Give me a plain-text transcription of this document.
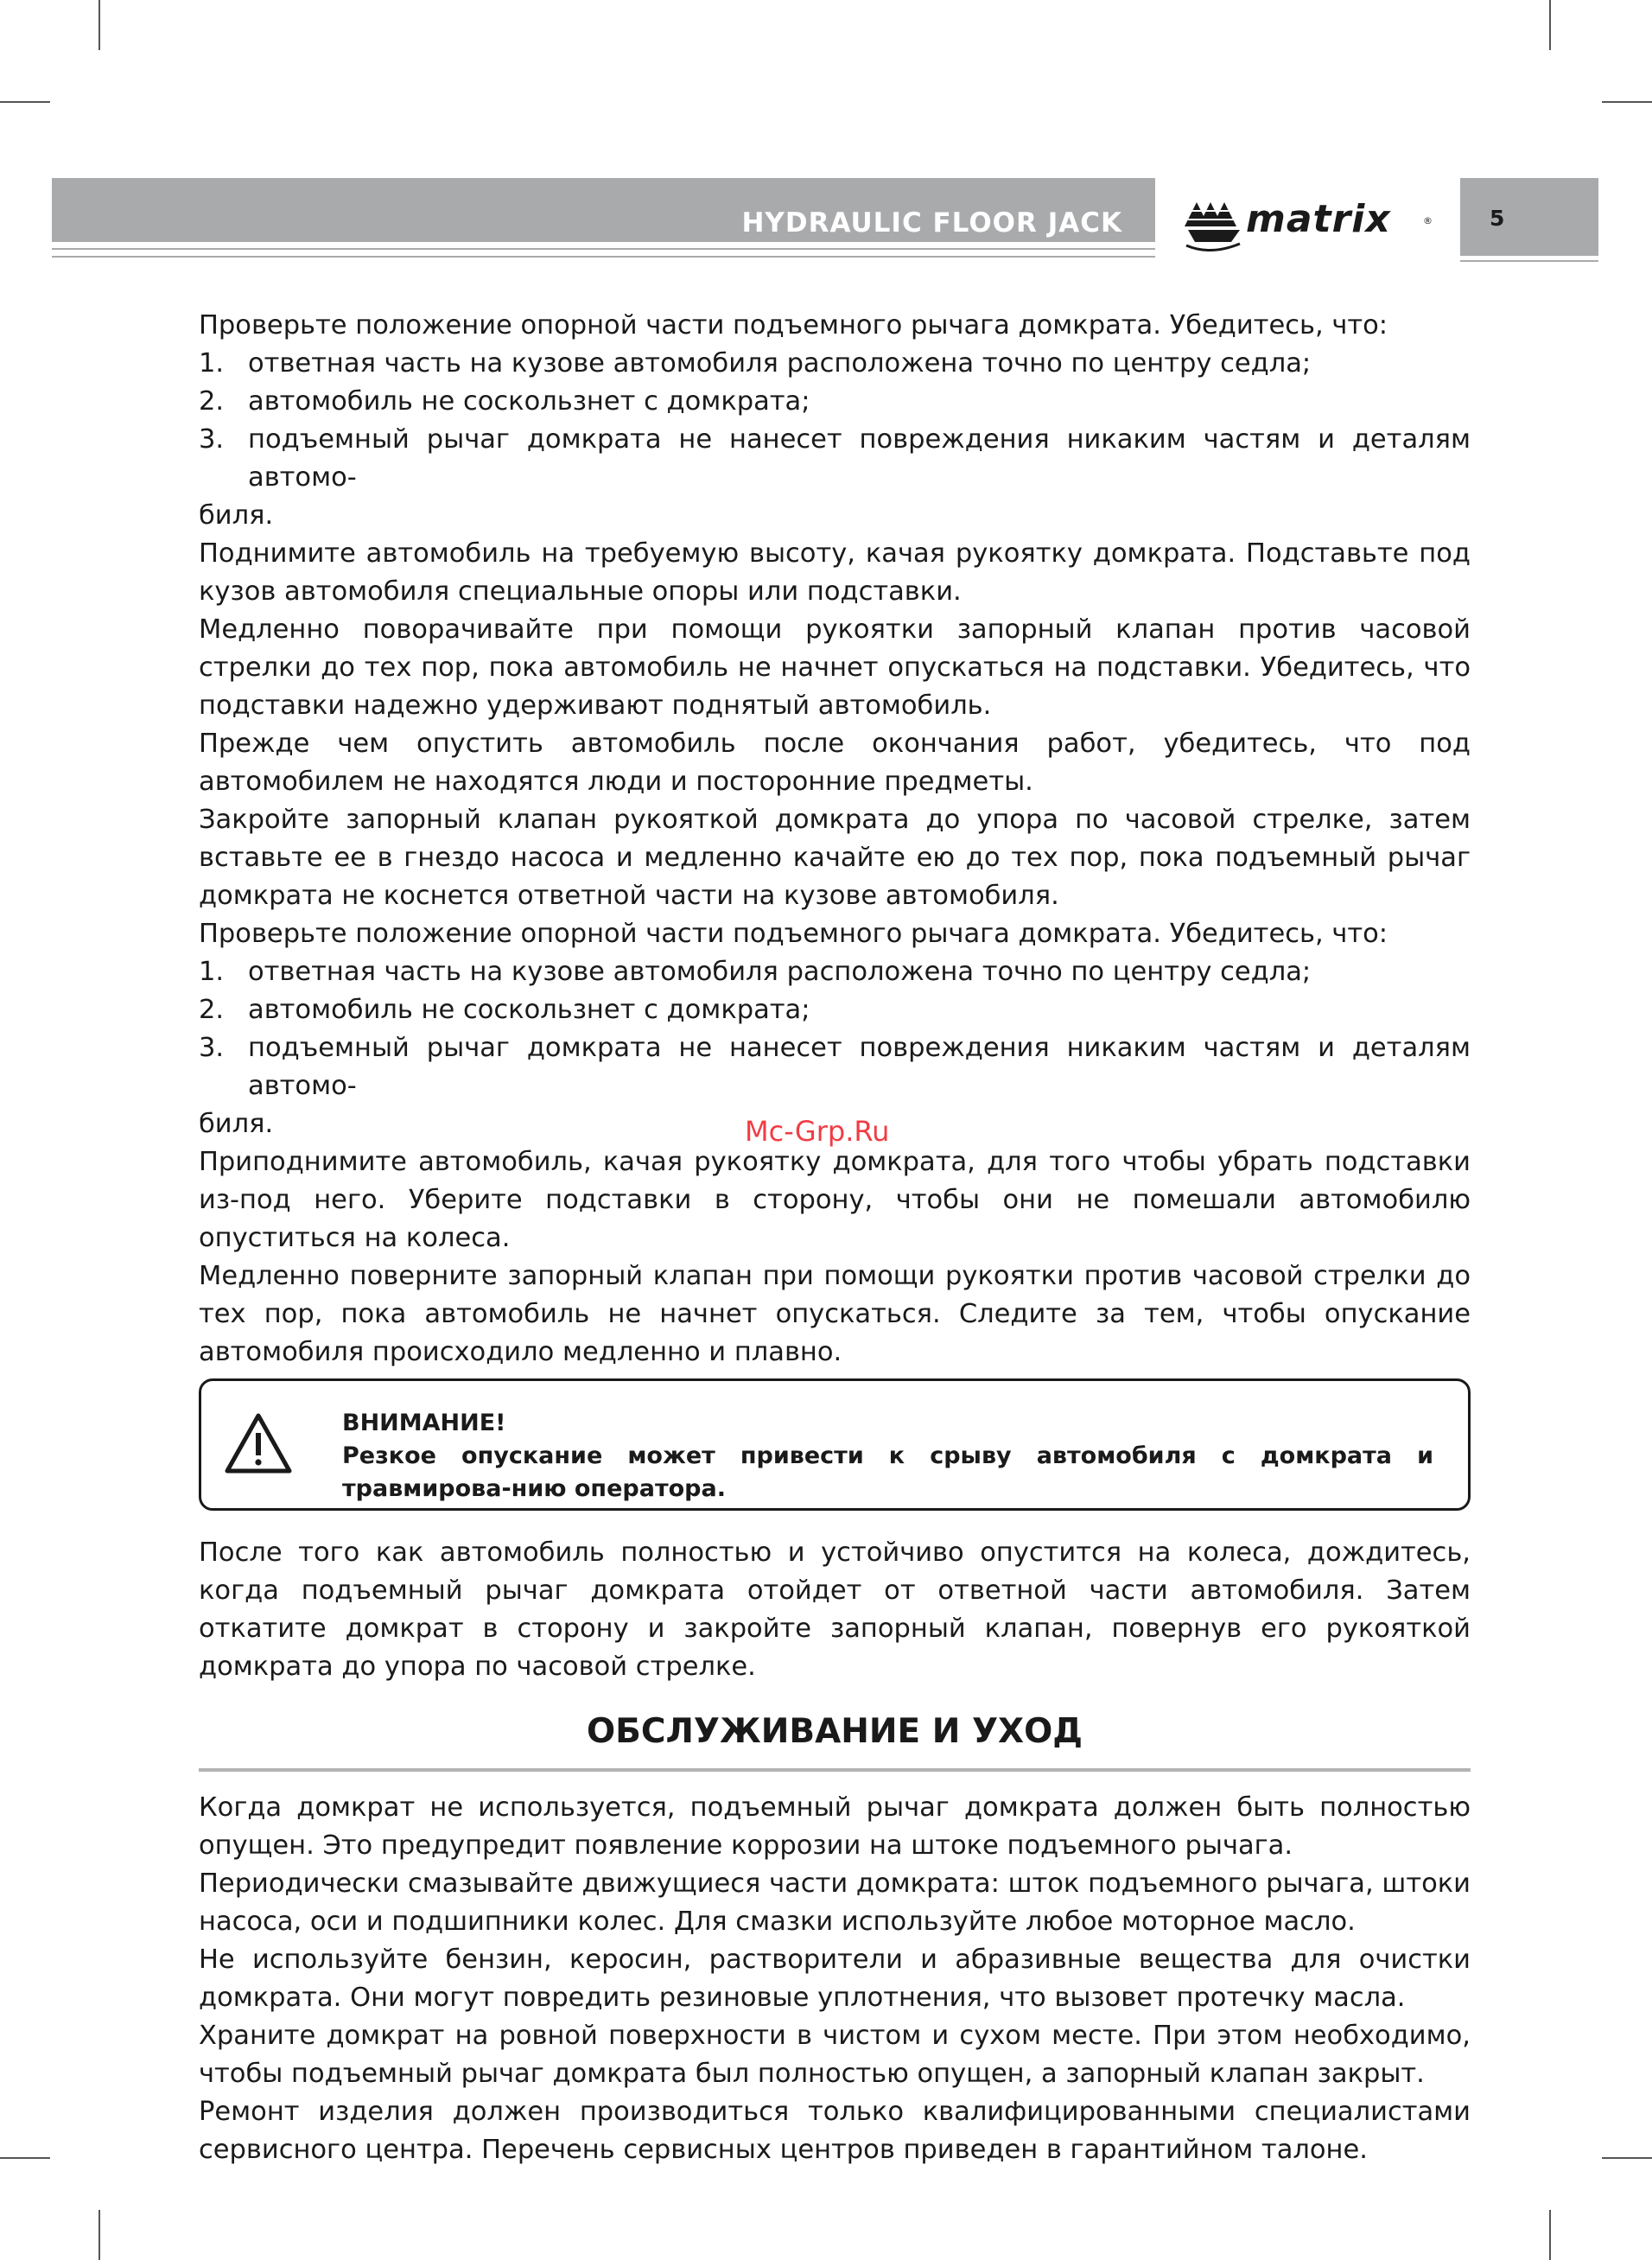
HYDRAULIC FLOOR JACK	matrix	®	5

Проверьте положение опорной части подъемного рычага домкрата. Убедитесь, что:

1. ответная часть на кузове автомобиля расположена точно по центру седла;
2. автомобиль не соскользнет с домкрата;
3. подъемный рычаг домкрата не нанесет повреждения никаким частям и деталям автомо-

биля.

Поднимите автомобиль на требуемую высоту, качая рукоятку домкрата. Подставьте под кузов автомобиля специальные опоры или подставки.

Медленно поворачивайте при помощи рукоятки запорный клапан против часовой стрелки до тех пор, пока автомобиль не начнет опускаться на подставки. Убедитесь, что подставки надежно удерживают поднятый автомобиль.

Прежде чем опустить автомобиль после окончания работ, убедитесь, что под автомобилем не находятся люди и посторонние предметы.

Закройте запорный клапан рукояткой домкрата до упора по часовой стрелке, затем вставьте ее в гнездо насоса и медленно качайте ею до тех пор, пока подъемный рычаг домкрата не коснется ответной части на кузове автомобиля.

Проверьте положение опорной части подъемного рычага домкрата. Убедитесь, что:

1. ответная часть на кузове автомобиля расположена точно по центру седла;
2. автомобиль не соскользнет с домкрата;
3. подъемный рычаг домкрата не нанесет повреждения никаким частям и деталям автомо-

биля.

Приподнимите автомобиль, качая рукоятку домкрата, для того чтобы убрать подставки из-под него. Уберите подставки в сторону, чтобы они не помешали автомобилю опуститься на колеса.

Медленно поверните запорный клапан при помощи рукоятки против часовой стрелки до тех пор, пока автомобиль не начнет опускаться. Следите за тем, чтобы опускание автомобиля происходило медленно и плавно.

ВНИМАНИЕ!
Резкое опускание может привести к срыву автомобиля с домкрата и травмирова-нию оператора.

После того как автомобиль полностью и устойчиво опустится на колеса, дождитесь, когда подъемный рычаг домкрата отойдет от ответной части автомобиля. Затем откатите домкрат в сторону и закройте запорный клапан, повернув его рукояткой домкрата до упора по часовой стрелке.

ОБСЛУЖИВАНИЕ И УХОД

Когда домкрат не используется, подъемный рычаг домкрата должен быть полностью опущен. Это предупредит появление коррозии на штоке подъемного рычага.

Периодически смазывайте движущиеся части домкрата: шток подъемного рычага, штоки насоса, оси и подшипники колес. Для смазки используйте любое моторное масло.

Не используйте бензин, керосин, растворители и абразивные вещества для очистки домкрата. Они могут повредить резиновые уплотнения, что вызовет протечку масла.

Храните домкрат на ровной поверхности в чистом и сухом месте. При этом необходимо, чтобы подъемный рычаг домкрата был полностью опущен, а запорный клапан закрыт.

Ремонт изделия должен производиться только квалифицированными специалистами сервисного центра. Перечень сервисных центров приведен в гарантийном талоне.

Mc-Grp.Ru
